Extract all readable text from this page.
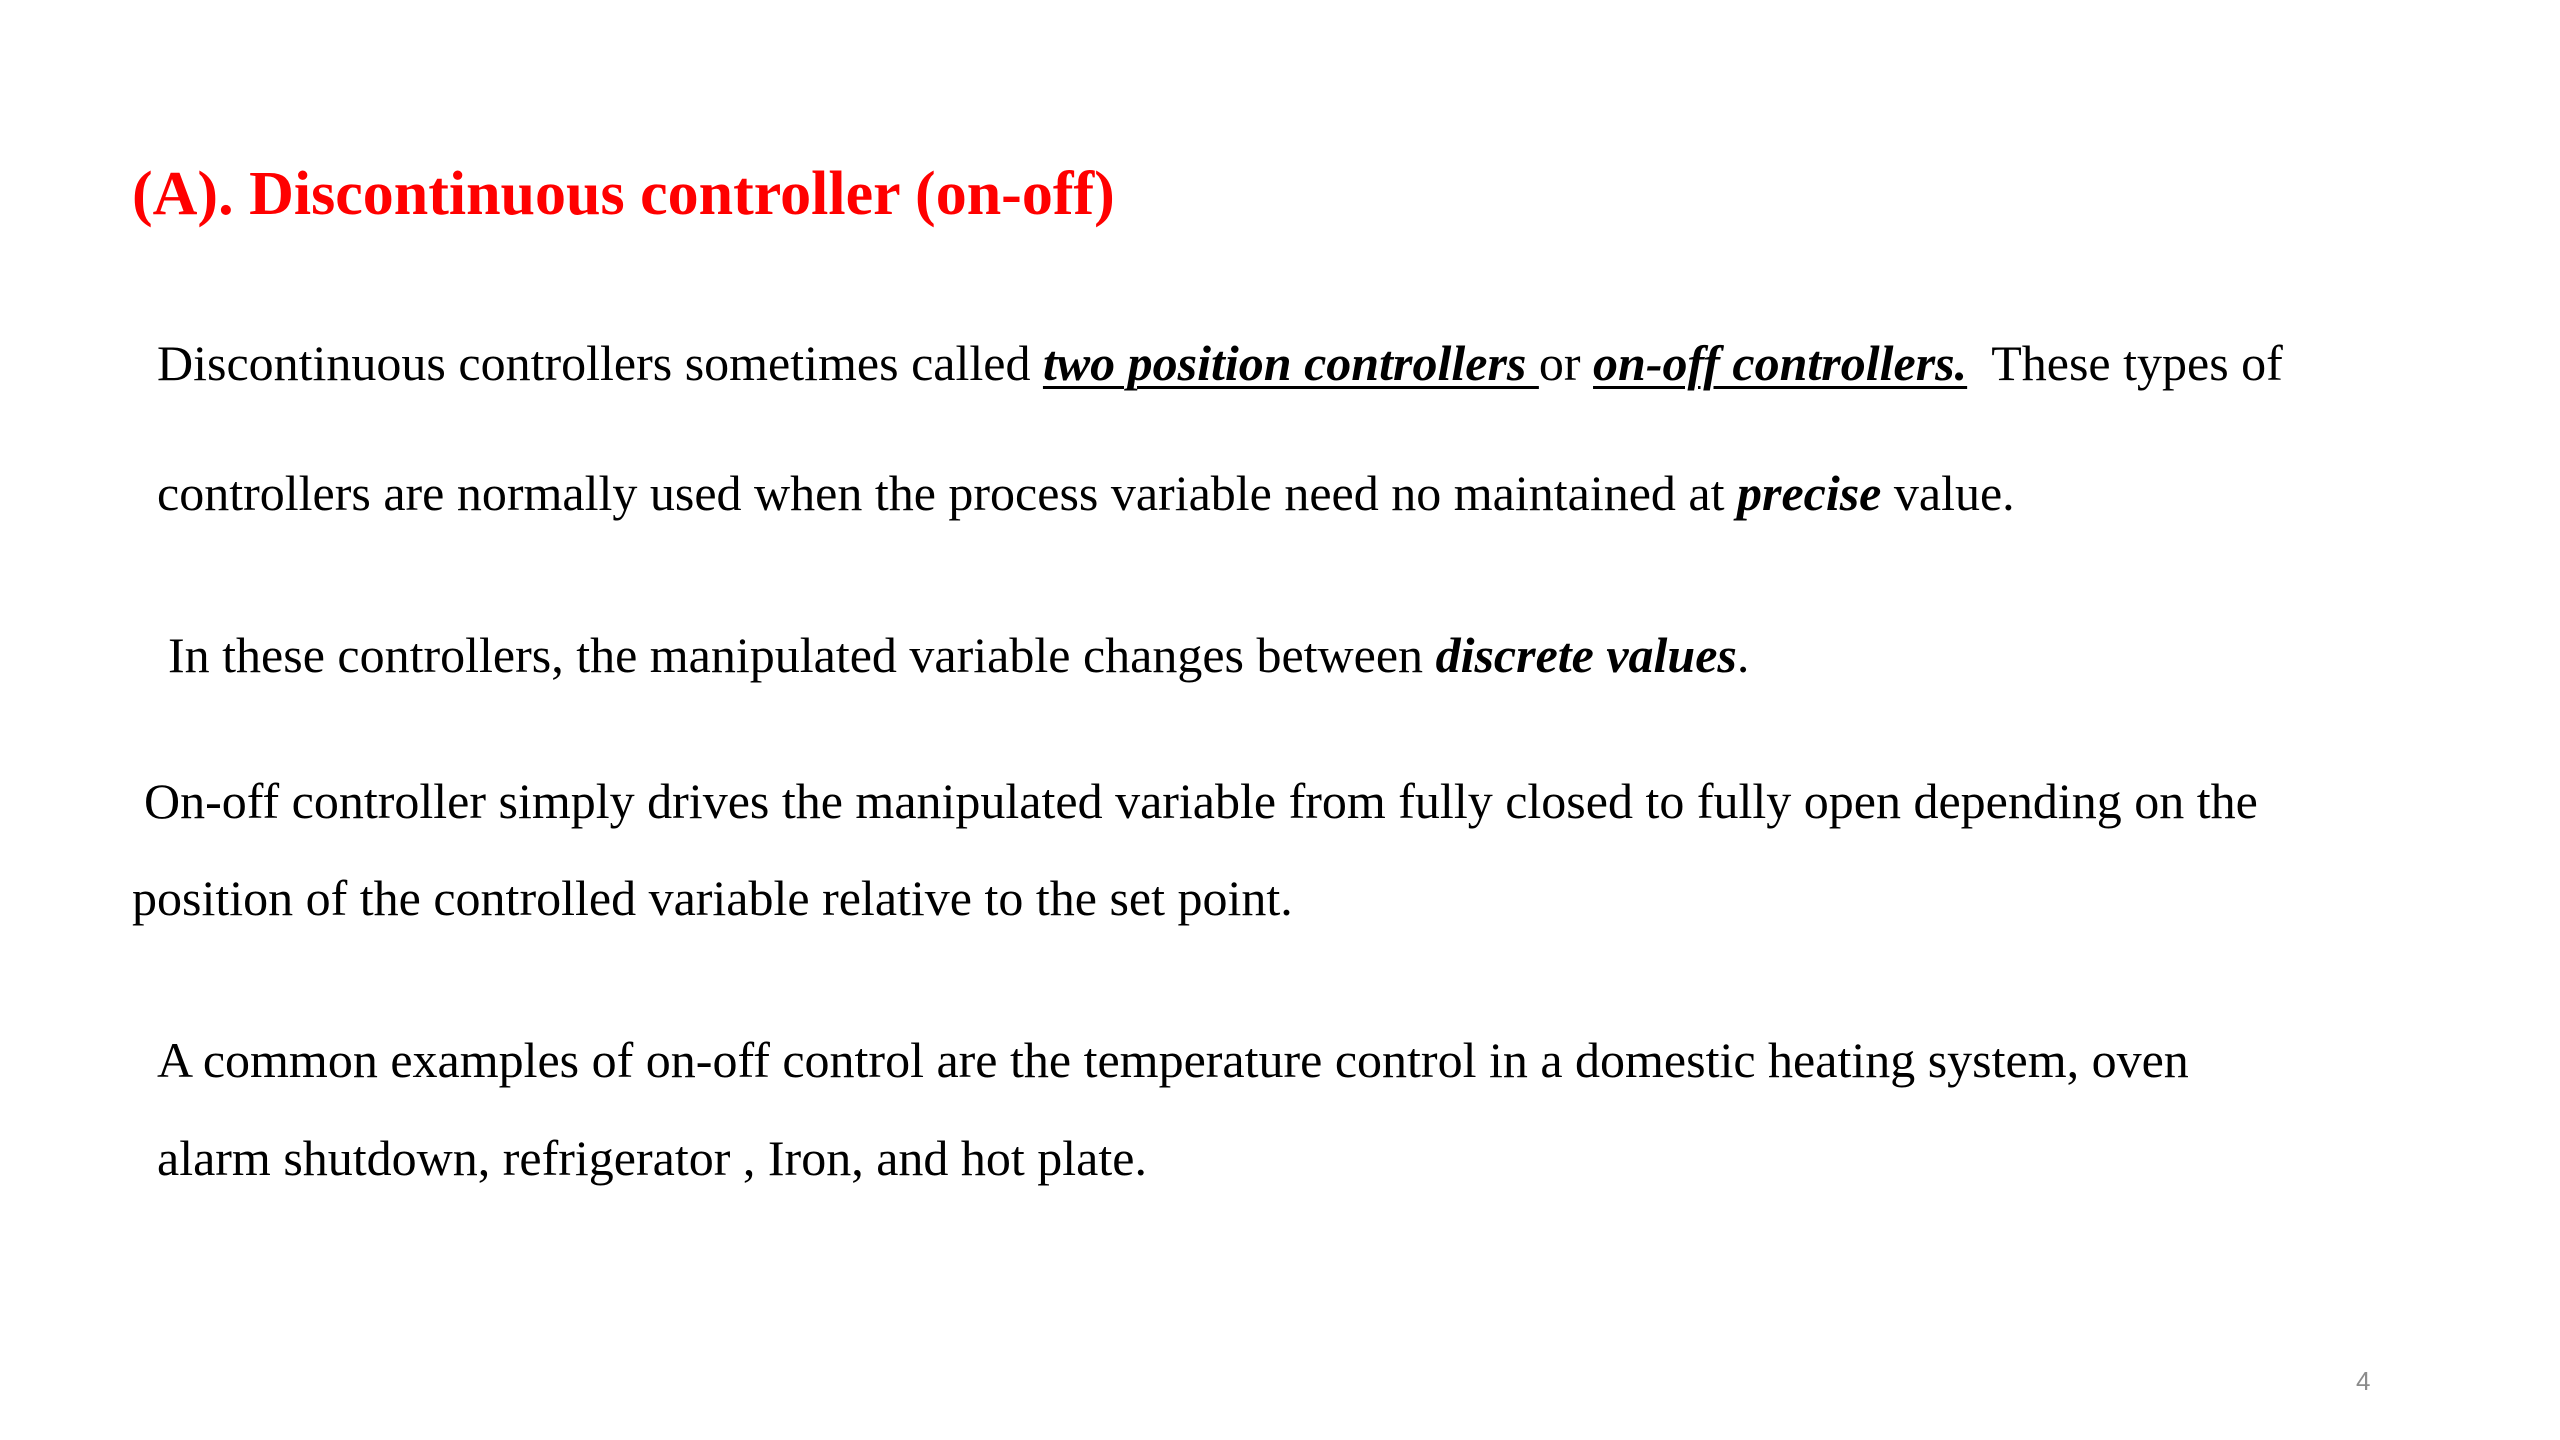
(A). Discontinuous controller (on-off)
Discontinuous controllers sometimes called two position controllers or on-off controllers.  These types of
controllers are normally used when the process variable need no maintained at precise value.
In these controllers, the manipulated variable changes between discrete values.
On-off controller simply drives the manipulated variable from fully closed to fully open depending on the
position of the controlled variable relative to the set point.
A common examples of on-off control are the temperature control in a domestic heating system, oven
alarm shutdown, refrigerator , Iron, and hot plate.
4
